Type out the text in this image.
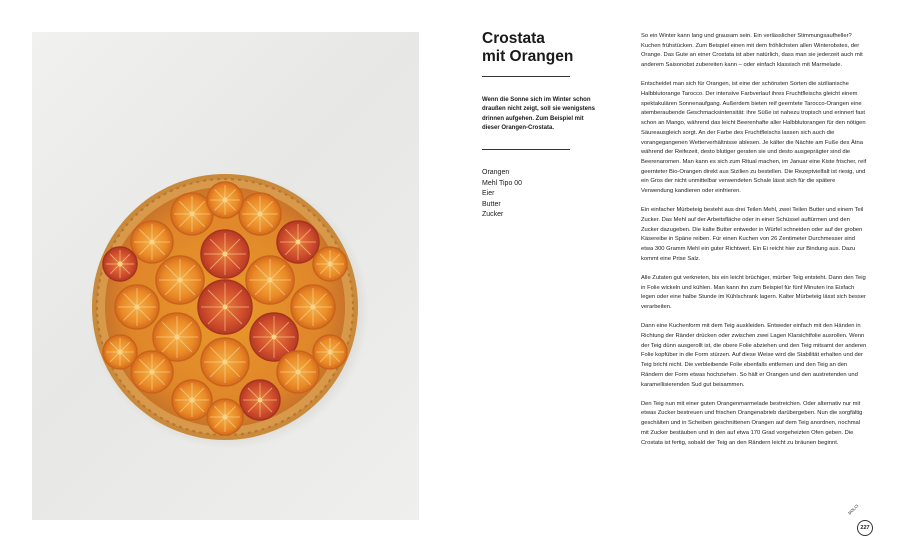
Crostata
mit Orangen
Wenn die Sonne sich im Winter schon draußen nicht zeigt, soll sie wenigstens drinnen aufgehen. Zum Beispiel mit dieser Orangen-Crostata.
Orangen
Mehl Tipo 00
Eier
Butter
Zucker

So ein Winter kann lang und grausam sein. Ein verlässlicher Stimmungsaufheller? Kuchen frühstücken. Zum Beispiel einen mit dem fröhlichsten allen Winterobstes, der Orange. Das Gute an einer Crostata ist aber natürlich, dass man sie jederzeit auch mit anderem Saisonobst zubereiten kann – oder einfach klassisch mit Marmelade.

Entscheidet man sich für Orangen, ist eine der schönsten Sorten die sizilianische Halbblutorange Tarocco. Der intensive Farbverlauf ihres Fruchtfleischs gleicht einem spektakulären Sonnenaufgang. Außerdem bieten reif geerntete Tarocco-Orangen eine atemberaubende Geschmacksintensität: ihre Süße ist nahezu tropisch und erinnert fast schon an Mango, während das leicht Beerenhafte aller Halbblutorangen für den nötigen Säureausgleich sorgt. An der Farbe des Fruchtfleischs lassen sich auch die vorangegangenen Wetterverhältnisse ablesen. Je kälter die Nächte am Fuße des Ätna während der Reifezeit, desto blutiger geraten sie und desto ausgeprägter sind die Beerenaromen. Man kann es sich zum Ritual machen, im Januar eine Kiste frischer, reif geernteter Bio-Orangen direkt aus Sizilien zu bestellen. Die Rezeptvielfalt ist riesig, und ein Gros der nicht unmittelbar verwendeten Schale lässt sich für die spätere Verwendung kandieren oder einfrieren.

Ein einfacher Mürbeteig besteht aus drei Teilen Mehl, zwei Teilen Butter und einem Teil Zucker. Das Mehl auf der Arbeitsfläche oder in einer Schüssel auftürmen und den Zucker dazugeben. Die kalte Butter entweder in Würfel schneiden oder auf der groben Käsereibe in Späne reiben. Für einen Kuchen von 26 Zentimeter Durchmesser sind etwa 300 Gramm Mehl ein guter Richtwert. Ein Ei reicht hier zur Bindung aus. Dazu kommt eine Prise Salz.

Alle Zutaten gut verkneten, bis ein leicht brüchiger, mürber Teig entsteht. Dann den Teig in Folie wickeln und kühlen. Man kann ihn zum Beispiel für fünf Minuten ins Eisfach legen oder eine halbe Stunde im Kühlschrank lagern. Kalter Mürbeteig lässt sich besser verarbeiten.

Dann eine Kuchenform mit dem Teig auskleiden. Entweder einfach mit den Händen in Richtung der Ränder drücken oder zwischen zwei Lagen Klarsichtfolie ausrollen. Wenn der Teig dünn ausgerollt ist, die obere Folie abziehen und den Teig mitsamt der anderen Folie kopfüber in die Form stürzen. Auf diese Weise wird die Stabilität erhalten und der Teig bricht nicht. Die verbleibende Folie ebenfalls entfernen und den Teig an den Rändern der Form etwas hochziehen. So hält er Orangen und den austretenden und karamellisierenden Sud gut beisammen.

Den Teig nun mit einer guten Orangenmarmelade bestreichen. Oder alternativ nur mit etwas Zucker bestreuen und frischen Orangenabrieb darübergeben. Nun die sorgfältig geschälten und in Scheiben geschnittenen Orangen auf dem Teig anordnen, nochmal mit Zucker bestäuben und in den auf etwa 170 Grad vorgeheizten Ofen geben. Die Crostata ist fertig, sobald der Teig an den Rändern leicht zu bräunen beginnt.

DOLCI
227
